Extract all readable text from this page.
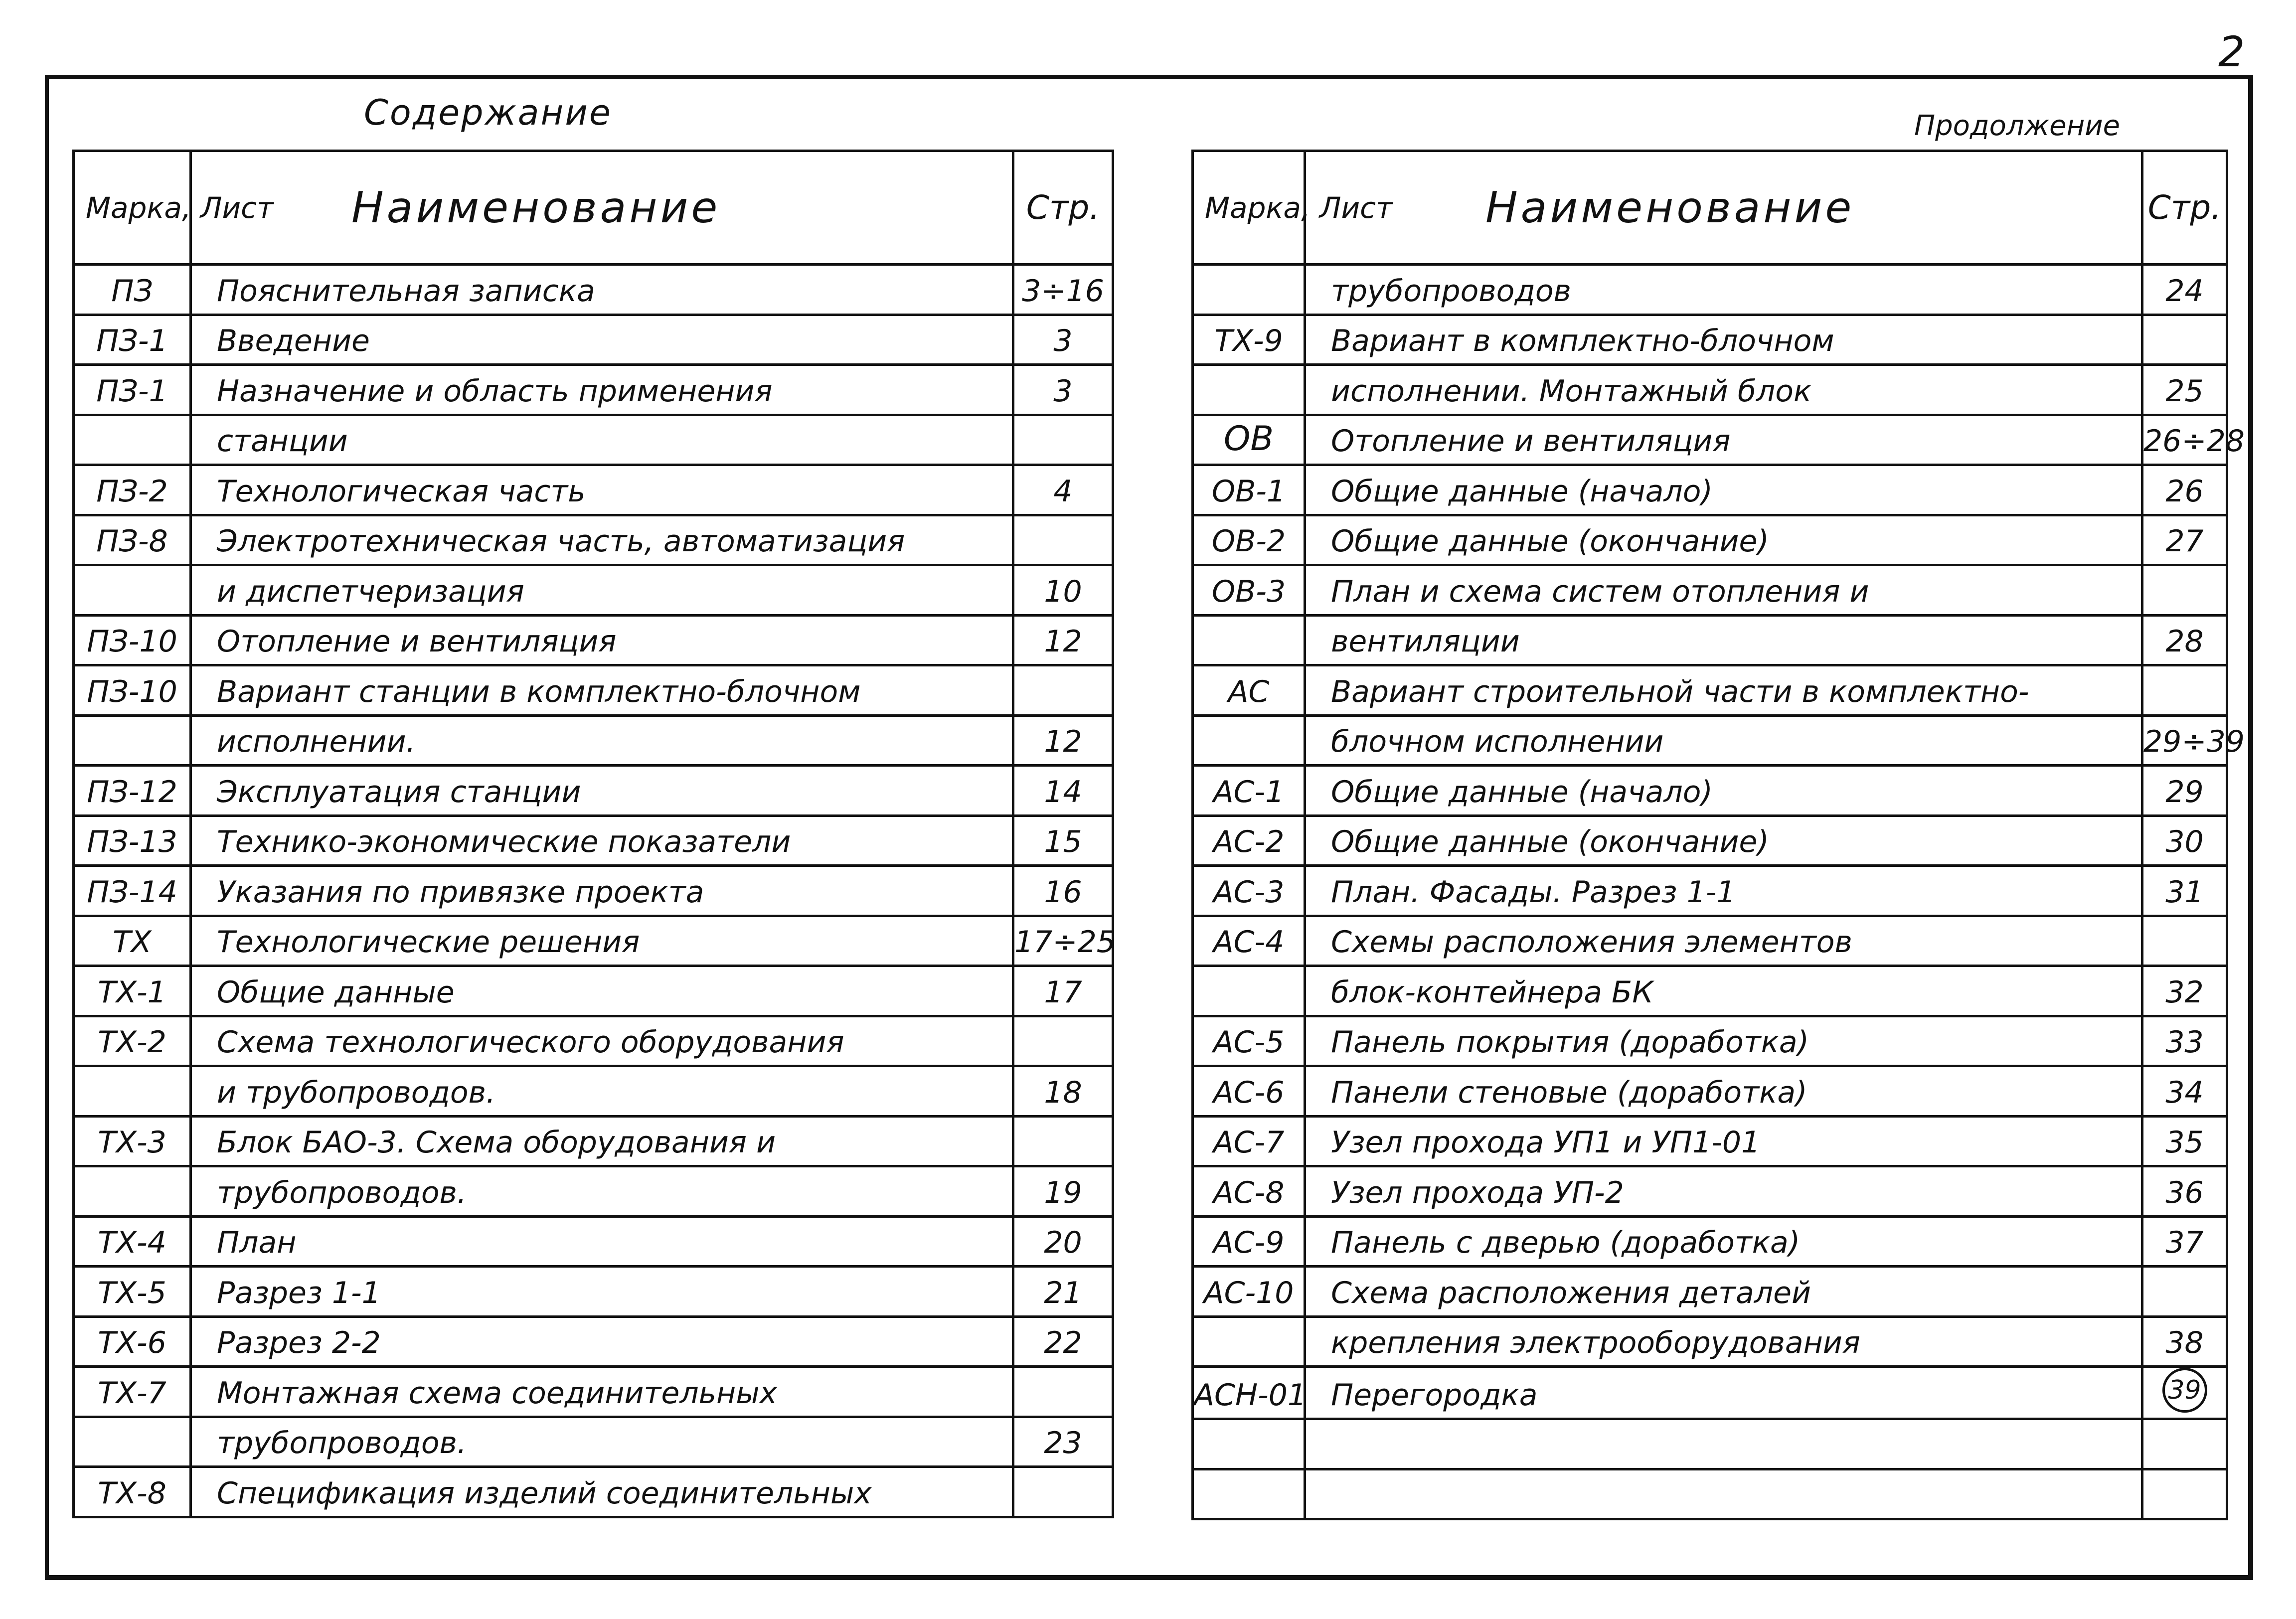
2
Содержание	Продолжение
Марка, Лист	Наименование	Стр.
ПЗ	Пояснительная записка	3÷16
ПЗ-1	Введение	3
ПЗ-1	Назначение и область применения	3
	станции	
ПЗ-2	Технологическая часть	4
ПЗ-8	Электротехническая часть, автоматизация	
	и диспетчеризация	10
ПЗ-10	Отопление и вентиляция	12
ПЗ-10	Вариант станции в комплектно-блочном	
	исполнении.	12
ПЗ-12	Эксплуатация станции	14
ПЗ-13	Технико-экономические показатели	15
ПЗ-14	Указания по привязке проекта	16
ТХ	Технологические решения	17÷25
ТХ-1	Общие данные	17
ТХ-2	Схема технологического оборудования	
	и трубопроводов.	18
ТХ-3	Блок БАО-3. Схема оборудования и	
	трубопроводов.	19
ТХ-4	План	20
ТХ-5	Разрез 1-1	21
ТХ-6	Разрез 2-2	22
ТХ-7	Монтажная схема соединительных	
	трубопроводов.	23
ТХ-8	Спецификация изделий соединительных	
Марка, Лист	Наименование	Стр.
	трубопроводов	24
ТХ-9	Вариант в комплектно-блочном	
	исполнении. Монтажный блок	25
ОВ	Отопление и вентиляция	26÷28
ОВ-1	Общие данные (начало)	26
ОВ-2	Общие данные (окончание)	27
ОВ-3	План и схема систем отопления и	
	вентиляции	28
АС	Вариант строительной части в комплектно-	
	блочном исполнении	29÷39
АС-1	Общие данные (начало)	29
АС-2	Общие данные (окончание)	30
АС-3	План. Фасады. Разрез 1-1	31
АС-4	Схемы расположения элементов	
	блок-контейнера БК	32
АС-5	Панель покрытия (доработка)	33
АС-6	Панели стеновые (доработка)	34
АС-7	Узел прохода УП1 и УП1-01	35
АС-8	Узел прохода УП-2	36
АС-9	Панель с дверью (доработка)	37
АС-10	Схема расположения деталей	
	крепления электрооборудования	38
АСН-01	Перегородка	39
